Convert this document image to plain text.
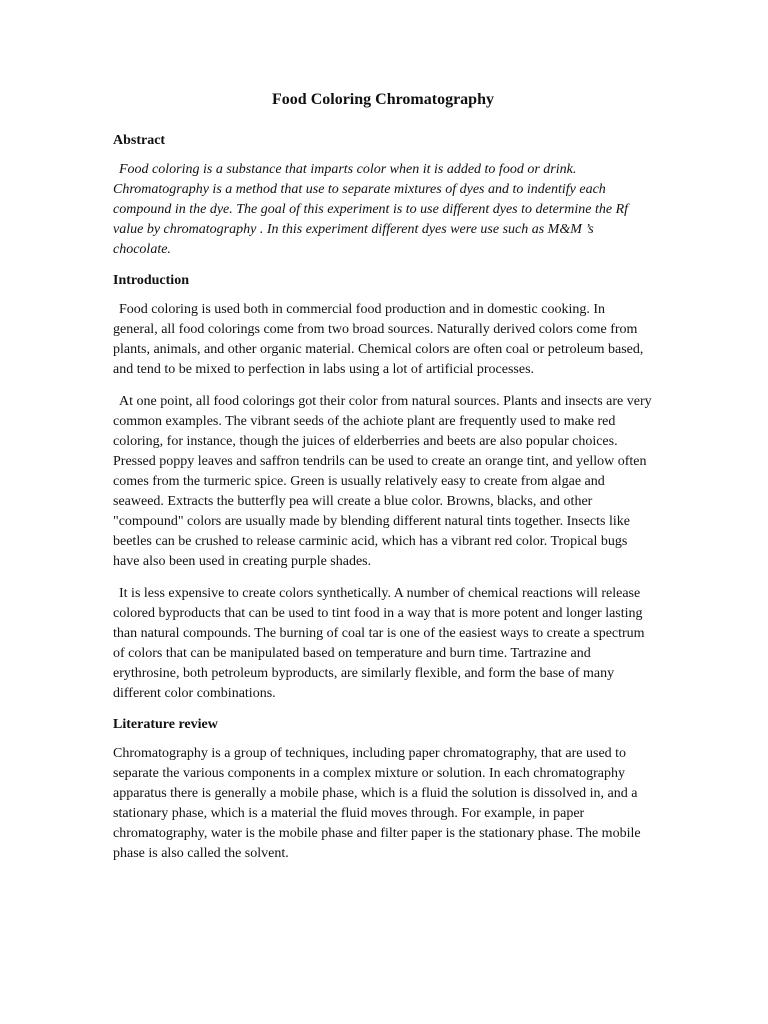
Food Coloring Chromatography
Abstract
Food coloring is a substance that imparts color when it is added to food or drink. Chromatography is a method that use to separate mixtures of dyes and to indentify each compound in the dye. The goal of this experiment is to use different dyes to determine the Rf value by chromatography . In this experiment different dyes were use such as M&M ’s chocolate.
Introduction
Food coloring is used both in commercial food production and in domestic cooking. In general, all food colorings come from two broad sources. Naturally derived colors come from plants, animals, and other organic material. Chemical colors are often coal or petroleum based, and tend to be mixed to perfection in labs using a lot of artificial processes.
At one point, all food colorings got their color from natural sources. Plants and insects are very common examples. The vibrant seeds of the achiote plant are frequently used to make red coloring, for instance, though the juices of elderberries and beets are also popular choices. Pressed poppy leaves and saffron tendrils can be used to create an orange tint, and yellow often comes from the turmeric spice. Green is usually relatively easy to create from algae and seaweed. Extracts the butterfly pea will create a blue color. Browns, blacks, and other "compound" colors are usually made by blending different natural tints together. Insects like beetles can be crushed to release carminic acid, which has a vibrant red color. Tropical bugs have also been used in creating purple shades.
It is less expensive to create colors synthetically. A number of chemical reactions will release colored byproducts that can be used to tint food in a way that is more potent and longer lasting than natural compounds. The burning of coal tar is one of the easiest ways to create a spectrum of colors that can be manipulated based on temperature and burn time. Tartrazine and erythrosine, both petroleum byproducts, are similarly flexible, and form the base of many different color combinations.
Literature review
Chromatography is a group of techniques, including paper chromatography, that are used to separate the various components in a complex mixture or solution. In each chromatography apparatus there is generally a mobile phase, which is a fluid the solution is dissolved in, and a stationary phase, which is a material the fluid moves through. For example, in paper chromatography, water is the mobile phase and filter paper is the stationary phase. The mobile phase is also called the solvent.
